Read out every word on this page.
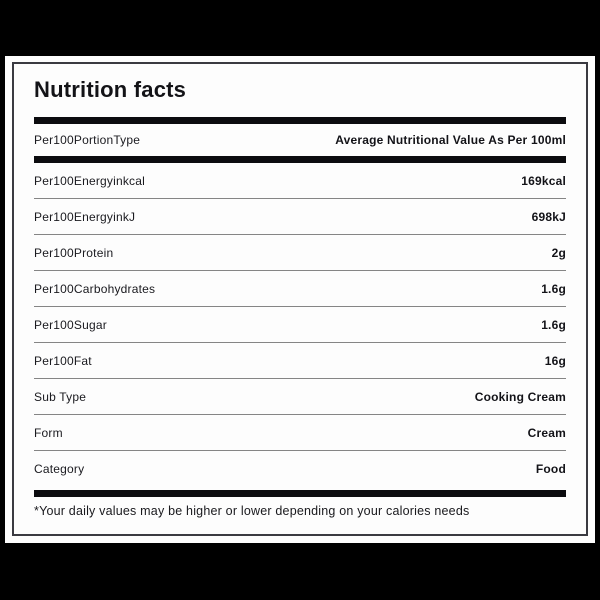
Nutrition facts
Per100PortionType	Average Nutritional Value As Per 100ml
Per100Energyinkcal	169kcal
Per100EnergyinkJ	698kJ
Per100Protein	2g
Per100Carbohydrates	1.6g
Per100Sugar	1.6g
Per100Fat	16g
Sub Type	Cooking Cream
Form	Cream
Category	Food
*Your daily values may be higher or lower depending on your calories needs
